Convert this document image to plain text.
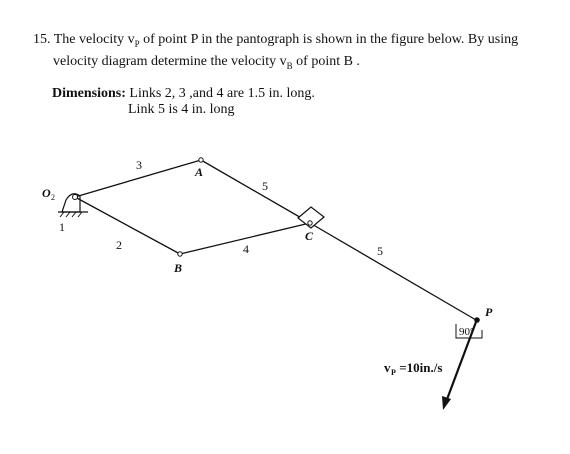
15. The velocity $v_P$ of point P in the pantograph is shown in the figure below. By using
velocity diagram determine the velocity $v_B$ of point B .
Dimensions: Links 2, 3 ,and 4 are 1.5 in. long.
Link 5 is 4 in. long
O 2
1
3
2
5
4	5
A
B
C
P
90°
v P =10in./s
